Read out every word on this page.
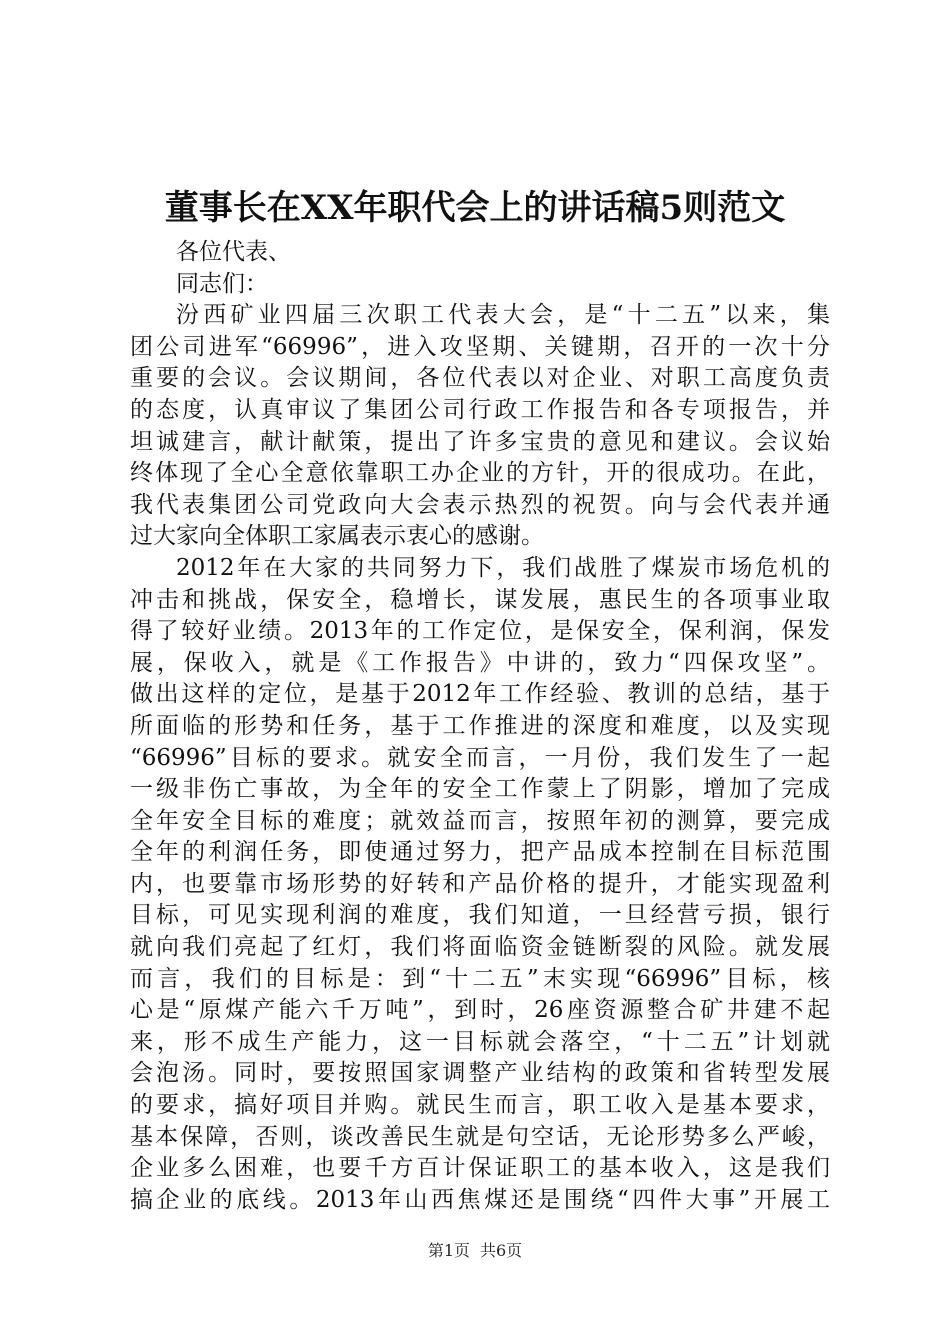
董事长在XX年职代会上的讲话稿5则范文
各位代表、
同志们：
汾西矿业四届三次职工代表大会，是“十二五”以来，集
团公司进军“66996”，进入攻坚期、关键期，召开的一次十分
重要的会议。会议期间，各位代表以对企业、对职工高度负责
的态度，认真审议了集团公司行政工作报告和各专项报告，并
坦诚建言，献计献策，提出了许多宝贵的意见和建议。会议始
终体现了全心全意依靠职工办企业的方针，开的很成功。在此，
我代表集团公司党政向大会表示热烈的祝贺。向与会代表并通
过大家向全体职工家属表示衷心的感谢。
2012年在大家的共同努力下，我们战胜了煤炭市场危机的
冲击和挑战，保安全，稳增长，谋发展，惠民生的各项事业取
得了较好业绩。2013年的工作定位，是保安全，保利润，保发
展，保收入，就是《工作报告》中讲的，致力“四保攻坚”。
做出这样的定位，是基于2012年工作经验、教训的总结，基于
所面临的形势和任务，基于工作推进的深度和难度，以及实现
“66996”目标的要求。就安全而言，一月份，我们发生了一起
一级非伤亡事故，为全年的安全工作蒙上了阴影，增加了完成
全年安全目标的难度；就效益而言，按照年初的测算，要完成
全年的利润任务，即使通过努力，把产品成本控制在目标范围
内，也要靠市场形势的好转和产品价格的提升，才能实现盈利
目标，可见实现利润的难度，我们知道，一旦经营亏损，银行
就向我们亮起了红灯，我们将面临资金链断裂的风险。就发展
而言，我们的目标是：到“十二五”末实现“66996”目标，核
心是“原煤产能六千万吨”，到时，26座资源整合矿井建不起
来，形不成生产能力，这一目标就会落空，“十二五”计划就
会泡汤。同时，要按照国家调整产业结构的政策和省转型发展
的要求，搞好项目并购。就民生而言，职工收入是基本要求，
基本保障，否则，谈改善民生就是句空话，无论形势多么严峻，
企业多么困难，也要千方百计保证职工的基本收入，这是我们
搞企业的底线。2013年山西焦煤还是围绕“四件大事”开展工
第1页 共6页
